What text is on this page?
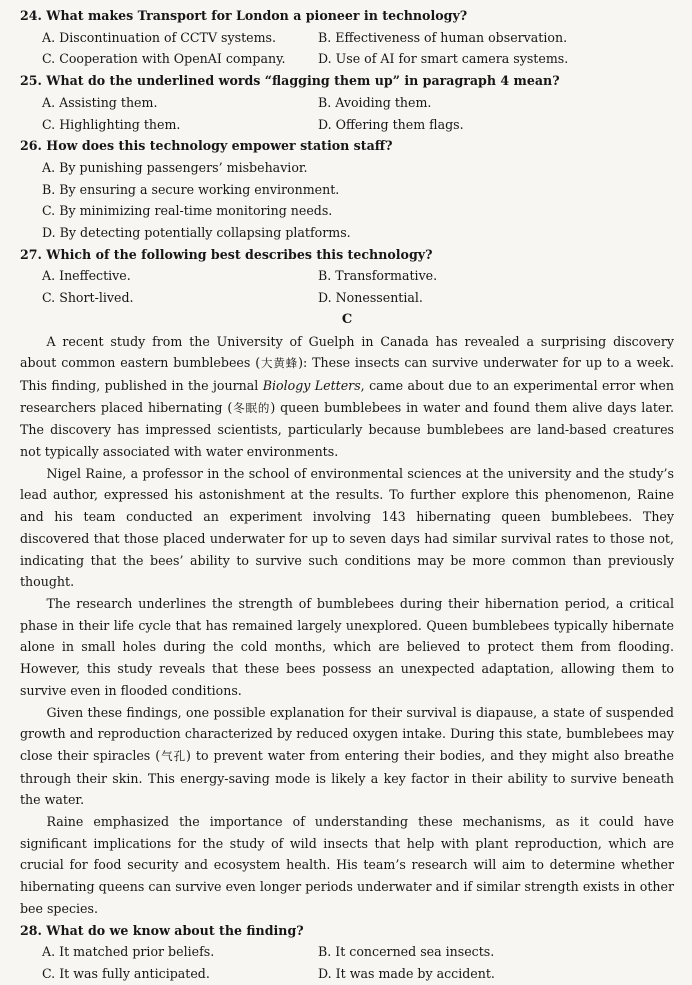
24. What makes Transport for London a pioneer in technology?
A. Discontinuation of CCTV systems.	B. Effectiveness of human observation.
C. Cooperation with OpenAI company.	D. Use of AI for smart camera systems.
25. What do the underlined words “flagging them up” in paragraph 4 mean?
A. Assisting them.	B. Avoiding them.
C. Highlighting them.	D. Offering them flags.
26. How does this technology empower station staff?
A. By punishing passengers’ misbehavior.
B. By ensuring a secure working environment.
C. By minimizing real-time monitoring needs.
D. By detecting potentially collapsing platforms.
27. Which of the following best describes this technology?
A. Ineffective.	B. Transformative.
C. Short-lived.	D. Nonessential.
C

A recent study from the University of Guelph in Canada has revealed a surprising discovery about common eastern bumblebees (大黄蜂): These insects can survive underwater for up to a week. This finding, published in the journal Biology Letters, came about due to an experimental error when researchers placed hibernating (冬眠的) queen bumblebees in water and found them alive days later. The discovery has impressed scientists, particularly because bumblebees are land-based creatures not typically associated with water environments.

Nigel Raine, a professor in the school of environmental sciences at the university and the study’s lead author, expressed his astonishment at the results. To further explore this phenomenon, Raine and his team conducted an experiment involving 143 hibernating queen bumblebees. They discovered that those placed underwater for up to seven days had similar survival rates to those not, indicating that the bees’ ability to survive such conditions may be more common than previously thought.

The research underlines the strength of bumblebees during their hibernation period, a critical phase in their life cycle that has remained largely unexplored. Queen bumblebees typically hibernate alone in small holes during the cold months, which are believed to protect them from flooding. However, this study reveals that these bees possess an unexpected adaptation, allowing them to survive even in flooded conditions.

Given these findings, one possible explanation for their survival is diapause, a state of suspended growth and reproduction characterized by reduced oxygen intake. During this state, bumblebees may close their spiracles (气孔) to prevent water from entering their bodies, and they might also breathe through their skin. This energy-saving mode is likely a key factor in their ability to survive beneath the water.

Raine emphasized the importance of understanding these mechanisms, as it could have significant implications for the study of wild insects that help with plant reproduction, which are crucial for food security and ecosystem health. His team’s research will aim to determine whether hibernating queens can survive even longer periods underwater and if similar strength exists in other bee species.

28. What do we know about the finding?
A. It matched prior beliefs.	B. It concerned sea insects.
C. It was fully anticipated.	D. It was made by accident.
